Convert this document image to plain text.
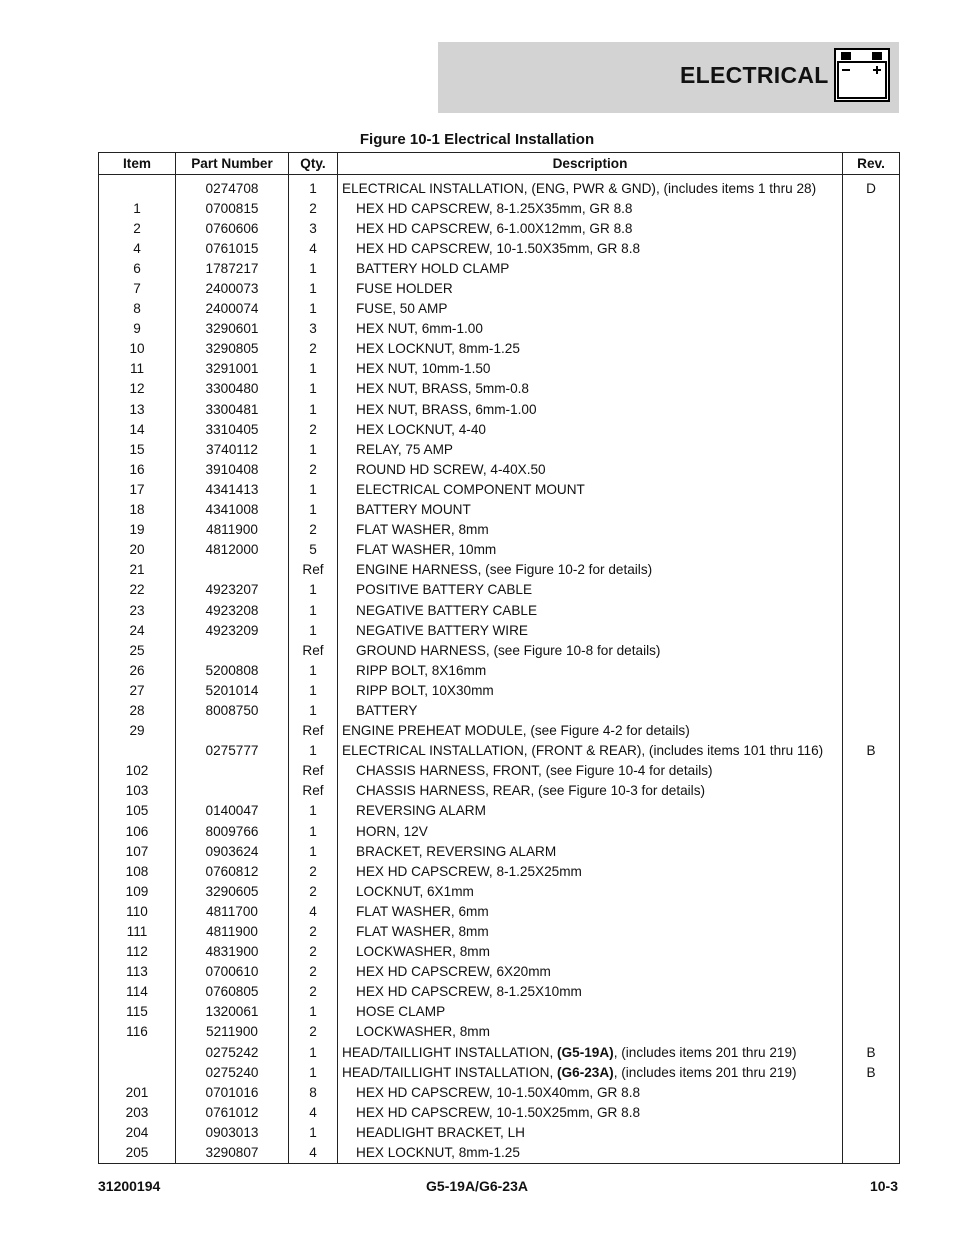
ELECTRICAL
Figure 10-1 Electrical Installation
Item	Part Number	Qty.	Description	Rev.
	0274708	1	ELECTRICAL INSTALLATION, (ENG, PWR & GND), (includes items 1 thru 28)	D
1	0700815	2	HEX HD CAPSCREW, 8-1.25X35mm, GR 8.8	
2	0760606	3	HEX HD CAPSCREW, 6-1.00X12mm, GR 8.8	
4	0761015	4	HEX HD CAPSCREW, 10-1.50X35mm, GR 8.8	
6	1787217	1	BATTERY HOLD CLAMP	
7	2400073	1	FUSE HOLDER	
8	2400074	1	FUSE, 50 AMP	
9	3290601	3	HEX NUT, 6mm-1.00	
10	3290805	2	HEX LOCKNUT, 8mm-1.25	
11	3291001	1	HEX NUT, 10mm-1.50	
12	3300480	1	HEX NUT, BRASS, 5mm-0.8	
13	3300481	1	HEX NUT, BRASS, 6mm-1.00	
14	3310405	2	HEX LOCKNUT, 4-40	
15	3740112	1	RELAY, 75 AMP	
16	3910408	2	ROUND HD SCREW, 4-40X.50	
17	4341413	1	ELECTRICAL COMPONENT MOUNT	
18	4341008	1	BATTERY MOUNT	
19	4811900	2	FLAT WASHER, 8mm	
20	4812000	5	FLAT WASHER, 10mm	
21		Ref	ENGINE HARNESS, (see Figure 10-2 for details)	
22	4923207	1	POSITIVE BATTERY CABLE	
23	4923208	1	NEGATIVE BATTERY CABLE	
24	4923209	1	NEGATIVE BATTERY WIRE	
25		Ref	GROUND HARNESS, (see Figure 10-8 for details)	
26	5200808	1	RIPP BOLT, 8X16mm	
27	5201014	1	RIPP BOLT, 10X30mm	
28	8008750	1	BATTERY	
29		Ref	ENGINE PREHEAT MODULE, (see Figure 4-2 for details)	
	0275777	1	ELECTRICAL INSTALLATION, (FRONT & REAR), (includes items 101 thru 116)	B
102		Ref	CHASSIS HARNESS, FRONT, (see Figure 10-4 for details)	
103		Ref	CHASSIS HARNESS, REAR, (see Figure 10-3 for details)	
105	0140047	1	REVERSING ALARM	
106	8009766	1	HORN, 12V	
107	0903624	1	BRACKET, REVERSING ALARM	
108	0760812	2	HEX HD CAPSCREW, 8-1.25X25mm	
109	3290605	2	LOCKNUT, 6X1mm	
110	4811700	4	FLAT WASHER, 6mm	
111	4811900	2	FLAT WASHER, 8mm	
112	4831900	2	LOCKWASHER, 8mm	
113	0700610	2	HEX HD CAPSCREW, 6X20mm	
114	0760805	2	HEX HD CAPSCREW, 8-1.25X10mm	
115	1320061	1	HOSE CLAMP	
116	5211900	2	LOCKWASHER, 8mm	
	0275242	1	HEAD/TAILLIGHT INSTALLATION, (G5-19A), (includes items 201 thru 219)	B
	0275240	1	HEAD/TAILLIGHT INSTALLATION, (G6-23A), (includes items 201 thru 219)	B
201	0701016	8	HEX HD CAPSCREW, 10-1.50X40mm, GR 8.8	
203	0761012	4	HEX HD CAPSCREW, 10-1.50X25mm, GR 8.8	
204	0903013	1	HEADLIGHT BRACKET, LH	
205	3290807	4	HEX LOCKNUT, 8mm-1.25	
31200194	G5-19A/G6-23A	10-3
